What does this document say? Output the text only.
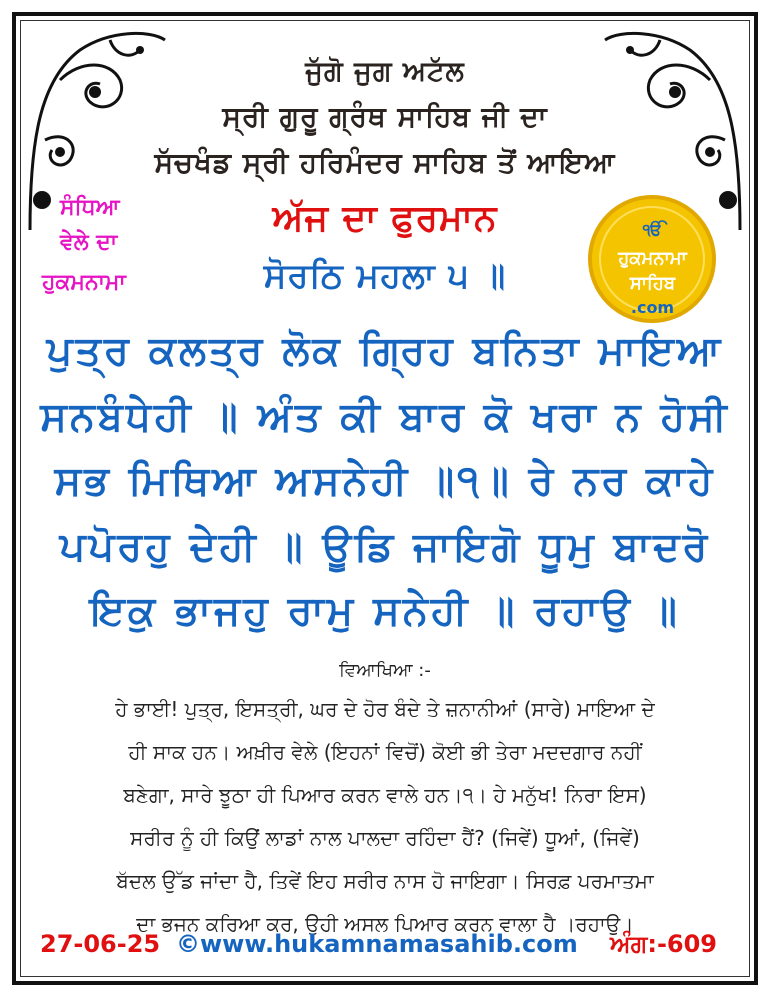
ਜੁੱਗੋ ਜੁਗ ਅਟੱਲ
ਸ੍ਰੀ ਗੁਰੂ ਗ੍ਰੰਥ ਸਾਹਿਬ ਜੀ ਦਾ
ਸੱਚਖੰਡ ਸ੍ਰੀ ਹਰਿਮੰਦਰ ਸਾਹਿਬ ਤੋਂ ਆਇਆ
ਸੰਧਿਆ
ਵੇਲੇ ਦਾ
ਹੁਕਮਨਾਮਾ
ਅੱਜ ਦਾ ਫੁਰਮਾਨ
ਸੋਰਠਿ ਮਹਲਾ ੫ ॥
ੴ
ਹੁਕਮਨਾਮਾ
ਸਾਹਿਬ
.com
ਪੁਤ੍ਰ ਕਲਤ੍ਰ ਲੋਕ ਗ੍ਰਿਹ ਬਨਿਤਾ ਮਾਇਆ
ਸਨਬੰਧੇਹੀ ॥ ਅੰਤ ਕੀ ਬਾਰ ਕੋ ਖਰਾ ਨ ਹੋਸੀ
ਸਭ ਮਿਥਿਆ ਅਸਨੇਹੀ ॥੧॥ ਰੇ ਨਰ ਕਾਹੇ
ਪਪੋਰਹੁ ਦੇਹੀ ॥ ਊਡਿ ਜਾਇਗੋ ਧੂਮੁ ਬਾਦਰੋ
ਇਕੁ ਭਾਜਹੁ ਰਾਮੁ ਸਨੇਹੀ ॥ ਰਹਾਉ ॥
ਵਿਆਖਿਆ :-
ਹੇ ਭਾਈ! ਪੁਤ੍ਰ, ਇਸਤ੍ਰੀ, ਘਰ ਦੇ ਹੋਰ ਬੰਦੇ ਤੇ ਜ਼ਨਾਨੀਆਂ (ਸਾਰੇ) ਮਾਇਆ ਦੇ
ਹੀ ਸਾਕ ਹਨ। ਅਖ਼ੀਰ ਵੇਲੇ (ਇਹਨਾਂ ਵਿਚੋਂ) ਕੋਈ ਭੀ ਤੇਰਾ ਮਦਦਗਾਰ ਨਹੀਂ
ਬਣੇਗਾ, ਸਾਰੇ ਝੂਠਾ ਹੀ ਪਿਆਰ ਕਰਨ ਵਾਲੇ ਹਨ।੧। ਹੇ ਮਨੁੱਖ! ਨਿਰਾ ਇਸ)
ਸਰੀਰ ਨੂੰ ਹੀ ਕਿਉਂ ਲਾਡਾਂ ਨਾਲ ਪਾਲਦਾ ਰਹਿੰਦਾ ਹੈਂ? (ਜਿਵੇਂ) ਧੂਆਂ, (ਜਿਵੇਂ)
ਬੱਦਲ ਉੱਡ ਜਾਂਦਾ ਹੈ, ਤਿਵੇਂ ਇਹ ਸਰੀਰ ਨਾਸ ਹੋ ਜਾਇਗਾ। ਸਿਰਫ਼ ਪਰਮਾਤਮਾ
ਦਾ ਭਜਨ ਕਰਿਆ ਕਰ, ਉਹੀ ਅਸਲ ਪਿਆਰ ਕਰਨ ਵਾਲਾ ਹੈ ।ਰਹਾਉ।
27-06-25 ©www.hukamnamasahib.com ਅੰਗ:-609
